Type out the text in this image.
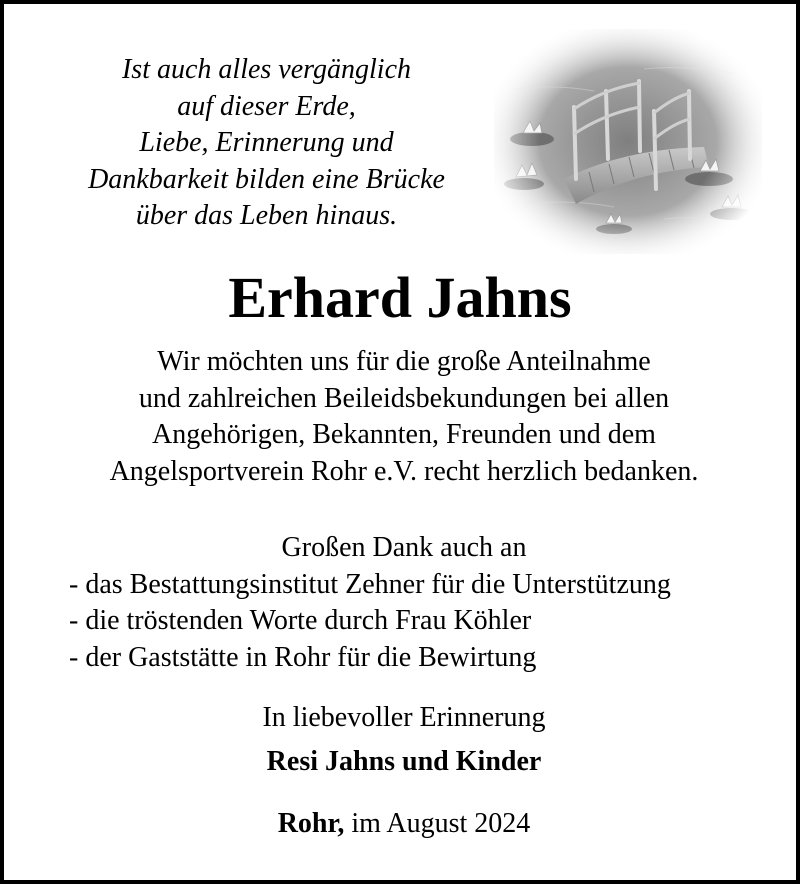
Ist auch alles vergänglich
auf dieser Erde,
Liebe, Erinnerung und
Dankbarkeit bilden eine Brücke
über das Leben hinaus.
Erhard Jahns
Wir möchten uns für die große Anteilnahme
und zahlreichen Beileidsbekundungen bei allen
Angehörigen, Bekannten, Freunden und dem
Angelsportverein Rohr e.V. recht herzlich bedanken.
Großen Dank auch an
- das Bestattungsinstitut Zehner für die Unterstützung
- die tröstenden Worte durch Frau Köhler
- der Gaststätte in Rohr für die Bewirtung
In liebevoller Erinnerung
Resi Jahns und Kinder
Rohr, im August 2024
